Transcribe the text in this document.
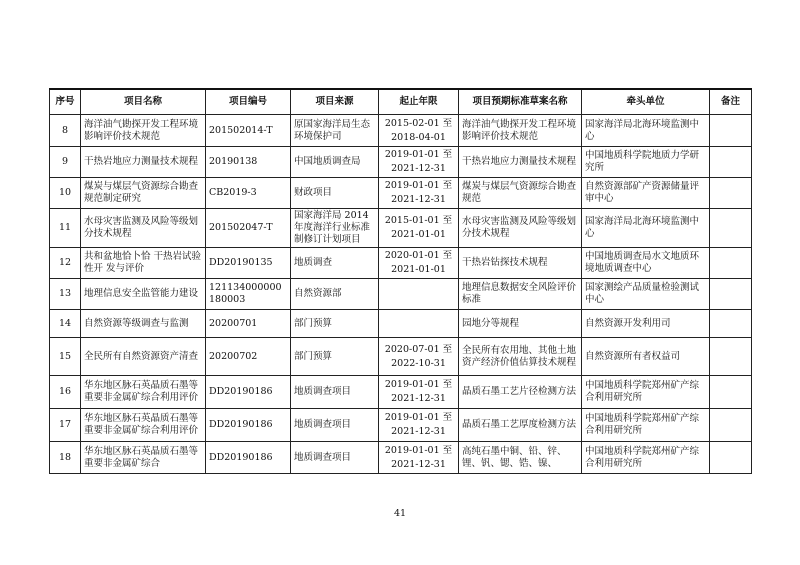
序号	项目名称	项目编号	项目来源	起止年限	项目预期标准草案名称	牵头单位	备注
8	海洋油气勘探开发工程环境影响评价技术规范	201502014-T	原国家海洋局生态环境保护司	2015-02-01 至
2018-04-01	海洋油气勘探开发工程环境影响评价技术规范	国家海洋局北海环境监测中心	
9	干热岩地应力测量技术规程	20190138	中国地质调查局	2019-01-01 至
2021-12-31	干热岩地应力测量技术规程	中国地质科学院地质力学研究所	
10	煤炭与煤层气资源综合勘查规范制定研究	CB2019-3	财政项目	2019-01-01 至
2021-12-31	煤炭与煤层气资源综合勘查规范	自然资源部矿产资源储量评审中心	
11	水母灾害监测及风险等级划分技术规程	201502047-T	国家海洋局 2014年度海洋行业标准制修订计划项目	2015-01-01 至
2021-01-01	水母灾害监测及风险等级划分技术规程	国家海洋局北海环境监测中心	
12	共和盆地恰卜恰 干热岩试验性开 发与评价	DD20190135	地质调查	2020-01-01 至
2021-01-01	干热岩钻探技术规程	中国地质调查局水文地质环境地质调查中心	
13	地理信息安全监管能力建设	121134000000180003	自然资源部		地理信息数据安全风险评价标准	国家测绘产品质量检验测试中心	
14	自然资源等级调查与监测	20200701	部门预算		园地分等规程	自然资源开发利用司	
15	全民所有自然资源资产清查	20200702	部门预算	2020-07-01 至
2022-10-31	全民所有农用地、其他土地资产经济价值估算技术规程	自然资源所有者权益司	
16	华东地区脉石英晶质石墨等重要非金属矿综合利用评价	DD20190186	地质调查项目	2019-01-01 至
2021-12-31	晶质石墨工艺片径检测方法	中国地质科学院郑州矿产综合利用研究所	
17	华东地区脉石英晶质石墨等重要非金属矿综合利用评价	DD20190186	地质调查项目	2019-01-01 至
2021-12-31	晶质石墨工艺厚度检测方法	中国地质科学院郑州矿产综合利用研究所	
18	华东地区脉石英晶质石墨等重要非金属矿综合	DD20190186	地质调查项目	2019-01-01 至
2021-12-31	高纯石墨中铜、铅、锌、锂、钒、锶、锆、镍、	中国地质科学院郑州矿产综合利用研究所	
41
